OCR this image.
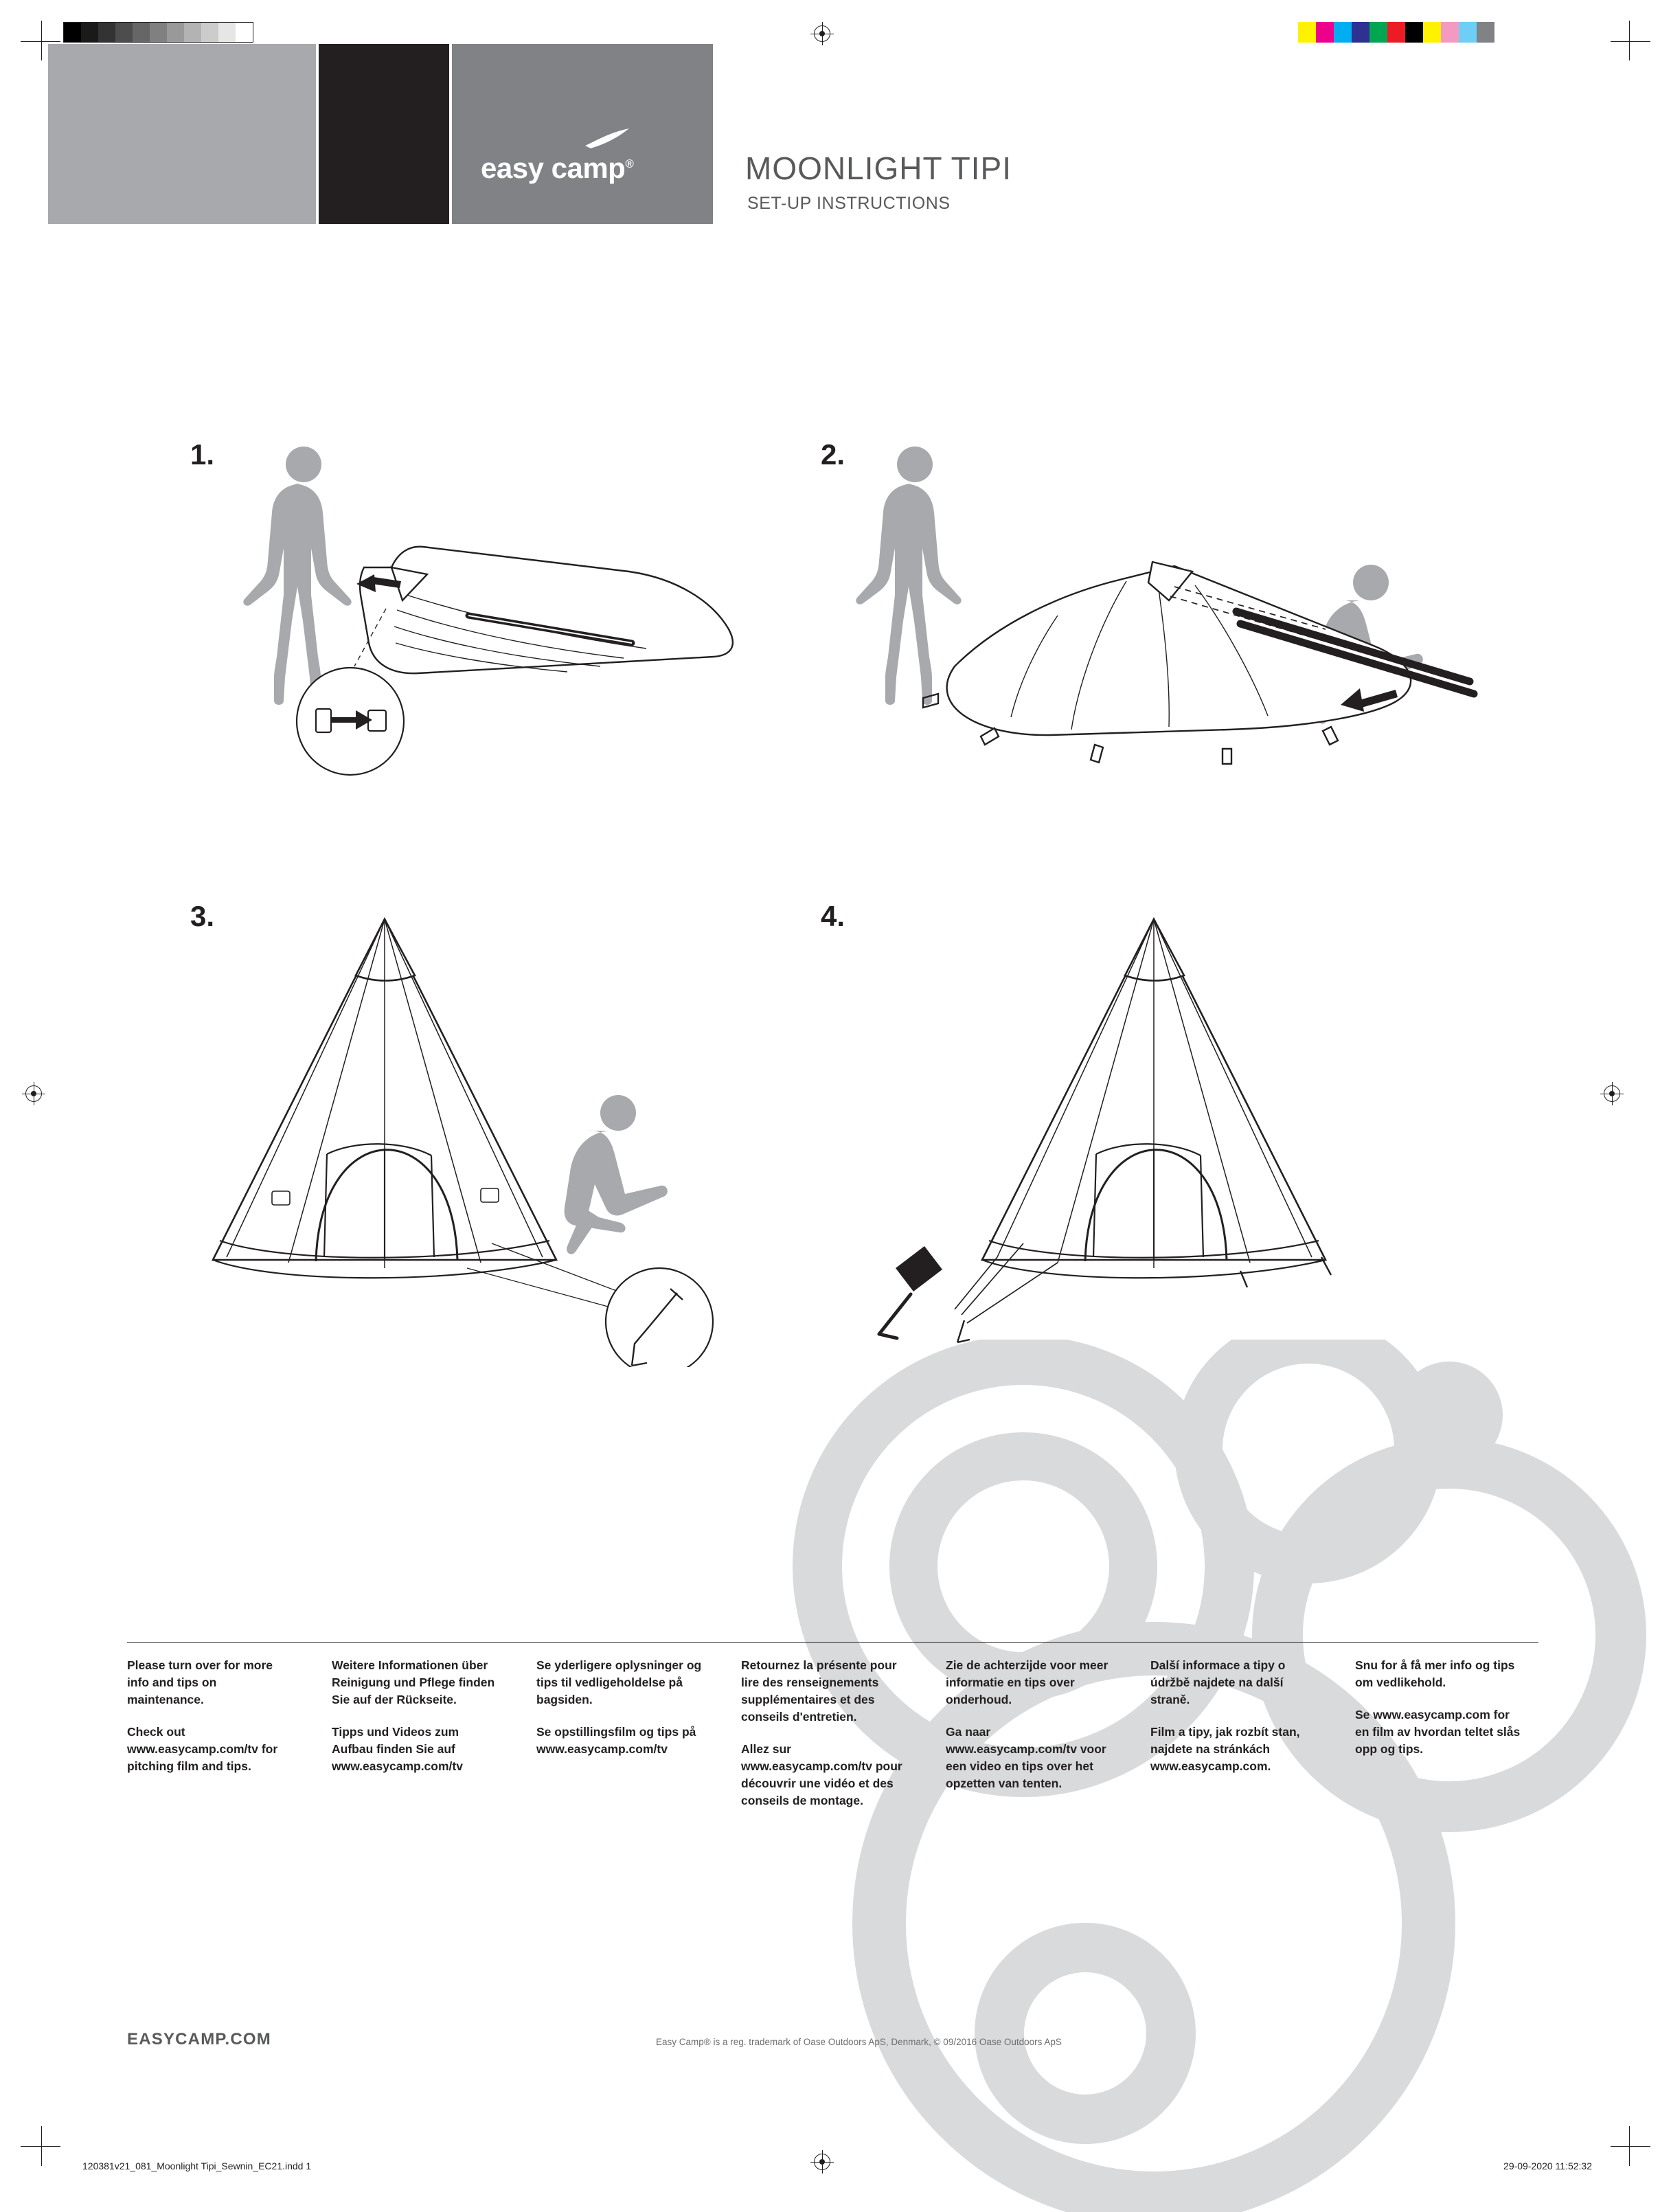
easy camp®	MOONLIGHT TIPI
SET-UP INSTRUCTIONS
1.	2.
3.	4.

Please turn over for more info and tips on maintenance.

Check out www.easycamp.com/tv for pitching film and tips.

Weitere Informationen über Reinigung und Pflege finden Sie auf der Rückseite.

Tipps und Videos zum Aufbau finden Sie auf www.easycamp.com/tv

Se yderligere oplysninger og tips til vedligeholdelse på bagsiden.

Se opstillingsfilm og tips på www.easycamp.com/tv

Retournez la présente pour lire des renseignements supplémentaires et des conseils d'entretien.

Allez sur www.easycamp.com/tv pour découvrir une vidéo et des conseils de montage.

Zie de achterzijde voor meer informatie en tips over onderhoud.

Ga naar www.easycamp.com/tv voor een video en tips over het opzetten van tenten.

Další informace a tipy o údržbě najdete na další straně.

Film a tipy, jak rozbít stan, najdete na stránkách www.easycamp.com.

Snu for å få mer info og tips om vedlikehold.

Se www.easycamp.com for en film av hvordan teltet slås opp og tips.

EASYCAMP.COM	Easy Camp® is a reg. trademark of Oase Outdoors ApS, Denmark, © 09/2016 Oase Outdoors ApS
120381v21_081_Moonlight Tipi_Sewnin_EC21.indd 1	29-09-2020 11:52:32
